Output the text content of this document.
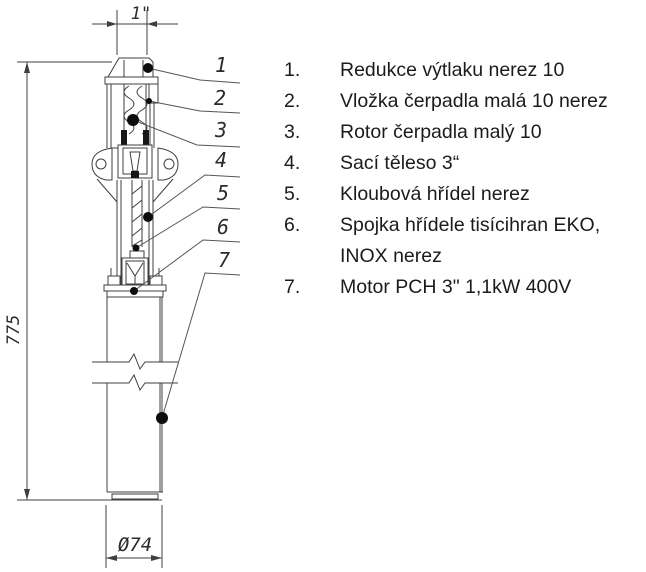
1"
775
Ø74
1
2
3
4
5
6
7
1.	Redukce výtlaku nerez 10
2.	Vložka čerpadla malá 10 nerez
3.	Rotor čerpadla malý 10
4.	Sací těleso 3“
5.	Kloubová hřídel nerez
6.	Spojka hřídele tisícihran EKO,
INOX nerez
7.	Motor PCH 3" 1,1kW 400V
